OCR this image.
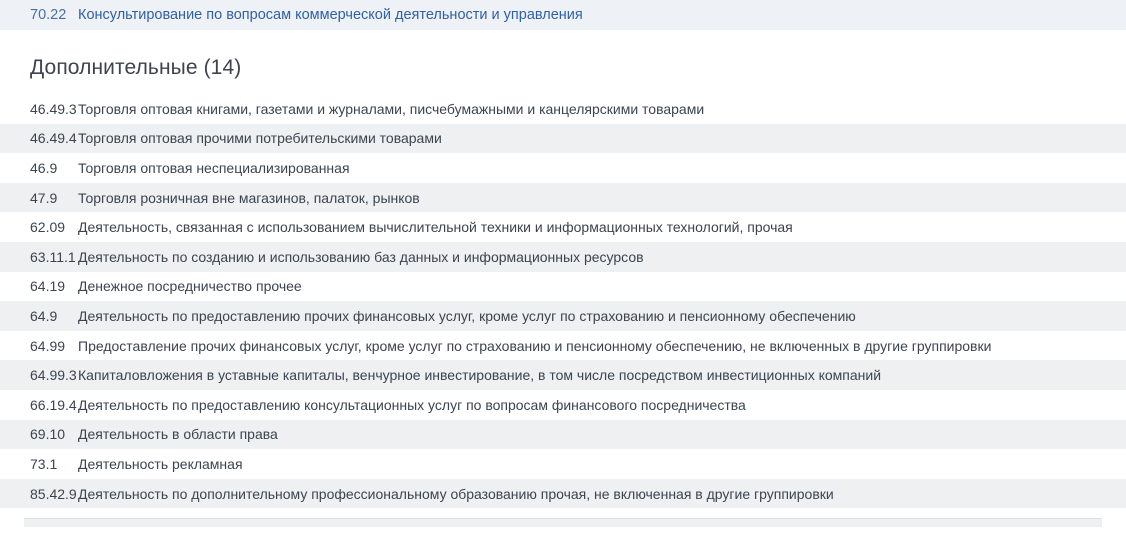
70.22 Консультирование по вопросам коммерческой деятельности и управления
Дополнительные (14)
46.49.3 Торговля оптовая книгами, газетами и журналами, писчебумажными и канцелярскими товарами
46.49.4 Торговля оптовая прочими потребительскими товарами
46.9	Торговля оптовая неспециализированная
47.9	Торговля розничная вне магазинов, палаток, рынков
62.09 Деятельность, связанная с использованием вычислительной техники и информационных технологий, прочая
63.11.1 Деятельность по созданию и использованию баз данных и информационных ресурсов
64.19 Денежное посредничество прочее
64.9	Деятельность по предоставлению прочих финансовых услуг, кроме услуг по страхованию и пенсионному обеспечению
64.99 Предоставление прочих финансовых услуг, кроме услуг по страхованию и пенсионному обеспечению, не включенных в другие группировки
64.99.3 Капиталовложения в уставные капиталы, венчурное инвестирование, в том числе посредством инвестиционных компаний
66.19.4 Деятельность по предоставлению консультационных услуг по вопросам финансового посредничества
69.10 Деятельность в области права
73.1	Деятельность рекламная
85.42.9 Деятельность по дополнительному профессиональному образованию прочая, не включенная в другие группировки
